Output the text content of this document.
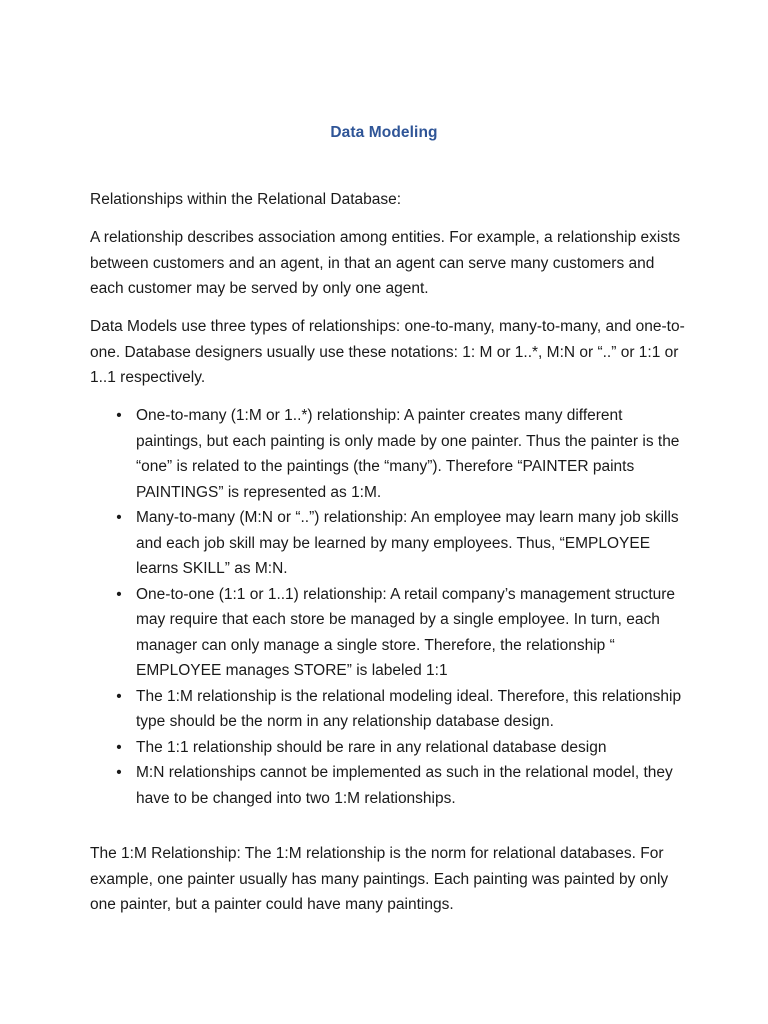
Data Modeling
Relationships within the Relational Database:
A relationship describes association among entities. For example, a relationship exists between customers and an agent, in that an agent can serve many customers and each customer may be served by only one agent.
Data Models use three types of relationships: one-to-many, many-to-many, and one-to-one. Database designers usually use these notations: 1: M or 1..*, M:N or “..” or 1:1 or 1..1 respectively.
• One-to-many (1:M or 1..*) relationship: A painter creates many different paintings, but each painting is only made by one painter. Thus the painter is the “one” is related to the paintings (the “many”). Therefore “PAINTER paints PAINTINGS” is represented as 1:M.
• Many-to-many (M:N or “..”) relationship: An employee may learn many job skills and each job skill may be learned by many employees. Thus, “EMPLOYEE learns SKILL” as M:N.
• One-to-one (1:1 or 1..1) relationship: A retail company’s management structure may require that each store be managed by a single employee. In turn, each manager can only manage a single store. Therefore, the relationship “ EMPLOYEE manages STORE” is labeled 1:1
• The 1:M relationship is the relational modeling ideal. Therefore, this relationship type should be the norm in any relationship database design.
• The 1:1 relationship should be rare in any relational database design
• M:N relationships cannot be implemented as such in the relational model, they have to be changed into two 1:M relationships.
The 1:M Relationship: The 1:M relationship is the norm for relational databases. For example, one painter usually has many paintings. Each painting was painted by only one painter, but a painter could have many paintings.
